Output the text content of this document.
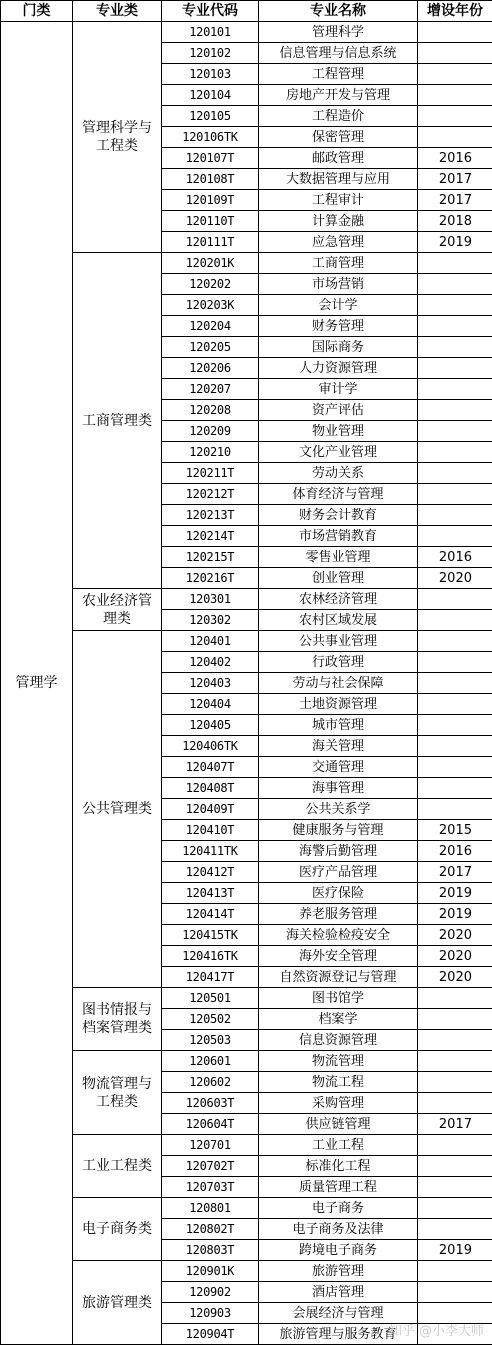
门类	专业类	专业代码	专业名称	增设年份
管理学	管理科学与工程类	120101	管理科学	
		120102	信息管理与信息系统	
		120103	工程管理	
		120104	房地产开发与管理	
		120105	工程造价	
		120106TK	保密管理	
		120107T	邮政管理	2016
		120108T	大数据管理与应用	2017
		120109T	工程审计	2017
		120110T	计算金融	2018
		120111T	应急管理	2019
	工商管理类	120201K	工商管理	
		120202	市场营销	
		120203K	会计学	
		120204	财务管理	
		120205	国际商务	
		120206	人力资源管理	
		120207	审计学	
		120208	资产评估	
		120209	物业管理	
		120210	文化产业管理	
		120211T	劳动关系	
		120212T	体育经济与管理	
		120213T	财务会计教育	
		120214T	市场营销教育	
		120215T	零售业管理	2016
		120216T	创业管理	2020
	农业经济管理类	120301	农林经济管理	
		120302	农村区域发展	
	公共管理类	120401	公共事业管理	
		120402	行政管理	
		120403	劳动与社会保障	
		120404	土地资源管理	
		120405	城市管理	
		120406TK	海关管理	
		120407T	交通管理	
		120408T	海事管理	
		120409T	公共关系学	
		120410T	健康服务与管理	2015
		120411TK	海警后勤管理	2016
		120412T	医疗产品管理	2017
		120413T	医疗保险	2019
		120414T	养老服务管理	2019
		120415TK	海关检验检疫安全	2020
		120416TK	海外安全管理	2020
		120417T	自然资源登记与管理	2020
	图书情报与档案管理类	120501	图书馆学	
		120502	档案学	
		120503	信息资源管理	
	物流管理与工程类	120601	物流管理	
		120602	物流工程	
		120603T	采购管理	
		120604T	供应链管理	2017
	工业工程类	120701	工业工程	
		120702T	标准化工程	
		120703T	质量管理工程	
	电子商务类	120801	电子商务	
		120802T	电子商务及法律	
		120803T	跨境电子商务	2019
	旅游管理类	120901K	旅游管理	
		120902	酒店管理	
		120903	会展经济与管理	
		120904T	旅游管理与服务教育	
知乎 @小李大师
